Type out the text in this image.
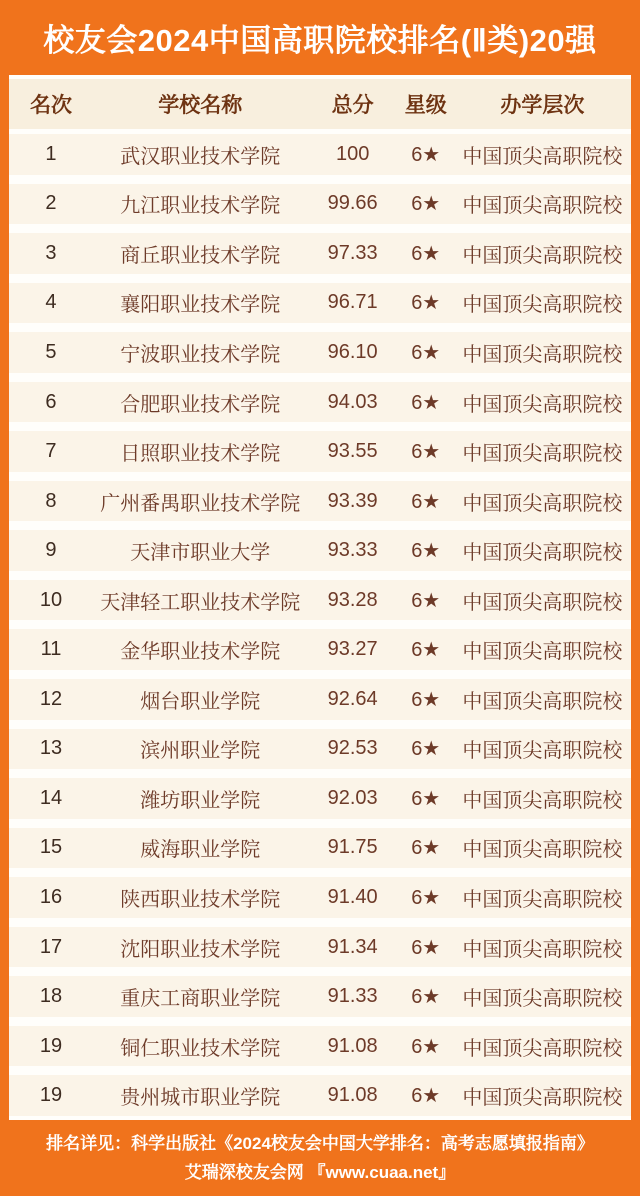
校友会2024中国高职院校排名(Ⅱ类)20强
名次	学校名称	总分	星级	办学层次
1	武汉职业技术学院	100	6★	中国顶尖高职院校
2	九江职业技术学院	99.66	6★	中国顶尖高职院校
3	商丘职业技术学院	97.33	6★	中国顶尖高职院校
4	襄阳职业技术学院	96.71	6★	中国顶尖高职院校
5	宁波职业技术学院	96.10	6★	中国顶尖高职院校
6	合肥职业技术学院	94.03	6★	中国顶尖高职院校
7	日照职业技术学院	93.55	6★	中国顶尖高职院校
8	广州番禺职业技术学院	93.39	6★	中国顶尖高职院校
9	天津市职业大学	93.33	6★	中国顶尖高职院校
10	天津轻工职业技术学院	93.28	6★	中国顶尖高职院校
11	金华职业技术学院	93.27	6★	中国顶尖高职院校
12	烟台职业学院	92.64	6★	中国顶尖高职院校
13	滨州职业学院	92.53	6★	中国顶尖高职院校
14	潍坊职业学院	92.03	6★	中国顶尖高职院校
15	威海职业学院	91.75	6★	中国顶尖高职院校
16	陕西职业技术学院	91.40	6★	中国顶尖高职院校
17	沈阳职业技术学院	91.34	6★	中国顶尖高职院校
18	重庆工商职业学院	91.33	6★	中国顶尖高职院校
19	铜仁职业技术学院	91.08	6★	中国顶尖高职院校
19	贵州城市职业学院	91.08	6★	中国顶尖高职院校
排名详见：科学出版社《2024校友会中国大学排名：高考志愿填报指南》
艾瑞深校友会网 『www.cuaa.net』
